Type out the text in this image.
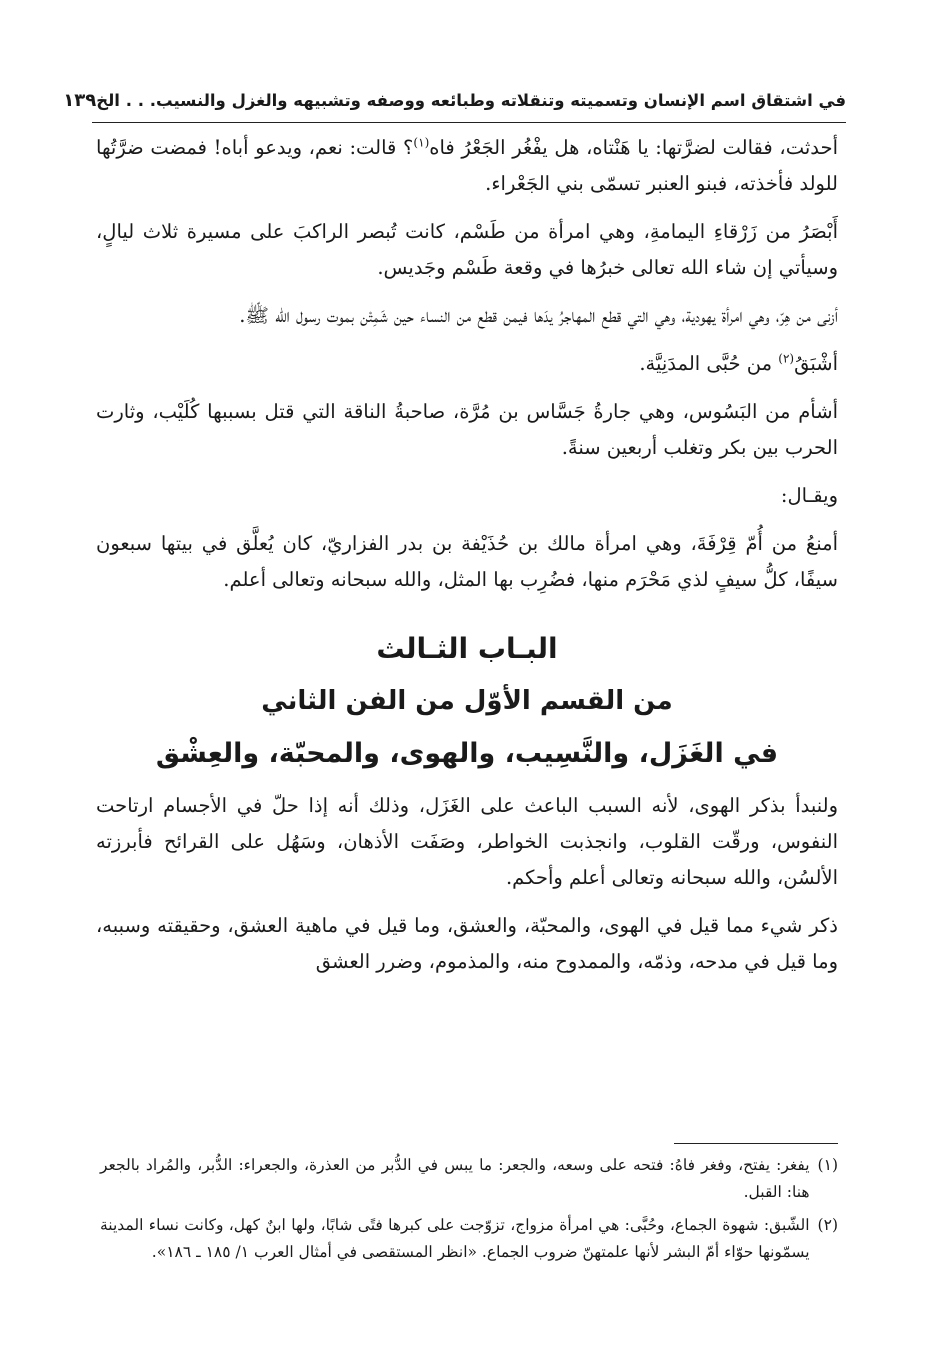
في اشتقاق اسم الإنسان وتسميته وتنقلاته وطبائعه ووصفه وتشبيهه والغزل والنسيب. . . الخ
١٣٩

أحدثت، فقالت لضرَّتها: يا هَنْتاه، هل يفْغُر الجَعْرُ فاه$^{(١)}$؟ قالت: نعم، ويدعو أباه! فمضت ضرَّتُها للولد فأخذته، فبنو العنبر تسمّى بني الجَعْراء.

أَبْصَرُ من زَرْقاءِ اليمامةِ، وهي امرأة من طَسْم، كانت تُبصر الراكبَ على مسيرة ثلاث ليالٍ، وسيأتي إن شاء الله تعالى خبرُها في وقعة طَسْم وجَديس.

أزنى من هِرّ، وهي امرأة يهودية، وهي التي قطع المهاجرُ يدَها فيمن قطع من النساء حين شَمِتْن بموت رسول الله ﷺ.

أشْبَقُ$^{(٢)}$ من حُبَّى المدَنِيَّة.

أشأم من البَسُوس، وهي جارةُ جَسَّاس بن مُرَّة، صاحبةُ الناقة التي قتل بسببها كُلَيْب، وثارت الحرب بين بكر وتغلب أربعين سنةً.

ويقـال:

أمنعُ من أُمّ قِرْفَةَ، وهي امرأة مالك بن حُذَيْفة بن بدر الفزاريّ، كان يُعلَّق في بيتها سبعون سيفًا، كلُّ سيفٍ لذي مَحْرَم منها، فضُرِب بها المثل، والله سبحانه وتعالى أعلم.

البـاب الثـالث
من القسم الأوّل من الفن الثاني
في الغَزَل، والنَّسِيب، والهوى، والمحبّة، والعِشْق

ولنبدأ بذكر الهوى، لأنه السبب الباعث على الغَزَل، وذلك أنه إذا حلّ في الأجسام ارتاحت النفوس، ورقّت القلوب، وانجذبت الخواطر، وصَفَت الأذهان، وسَهُل على القرائح فأبرزته الألسُن، والله سبحانه وتعالى أعلم وأحكم.

ذكر شيء مما قيل في الهوى، والمحبّة، والعشق، وما قيل في ماهية العشق، وحقيقته وسببه، وما قيل في مدحه، وذمّه، والممدوح منه، والمذموم، وضرر العشق

(١)
يفغر: يفتح، وفغر فاهُ: فتحه على وسعه، والجعر: ما يبس في الدُّبر من العذرة، والجعراء: الدُّبر، والمُراد بالجعر هنا: القبل.
(٢)
الشّبق: شهوة الجماع، وحُبَّى: هي امرأة مزواج، تزوّجت على كبرها فتًى شابًا، ولها ابنٌ كهل، وكانت نساء المدينة يسمّونها حوّاء أمّ البشر لأنها علمتهنّ ضروب الجماع. «انظر المستقصى في أمثال العرب ١/ ١٨٥ ـ ١٨٦».
